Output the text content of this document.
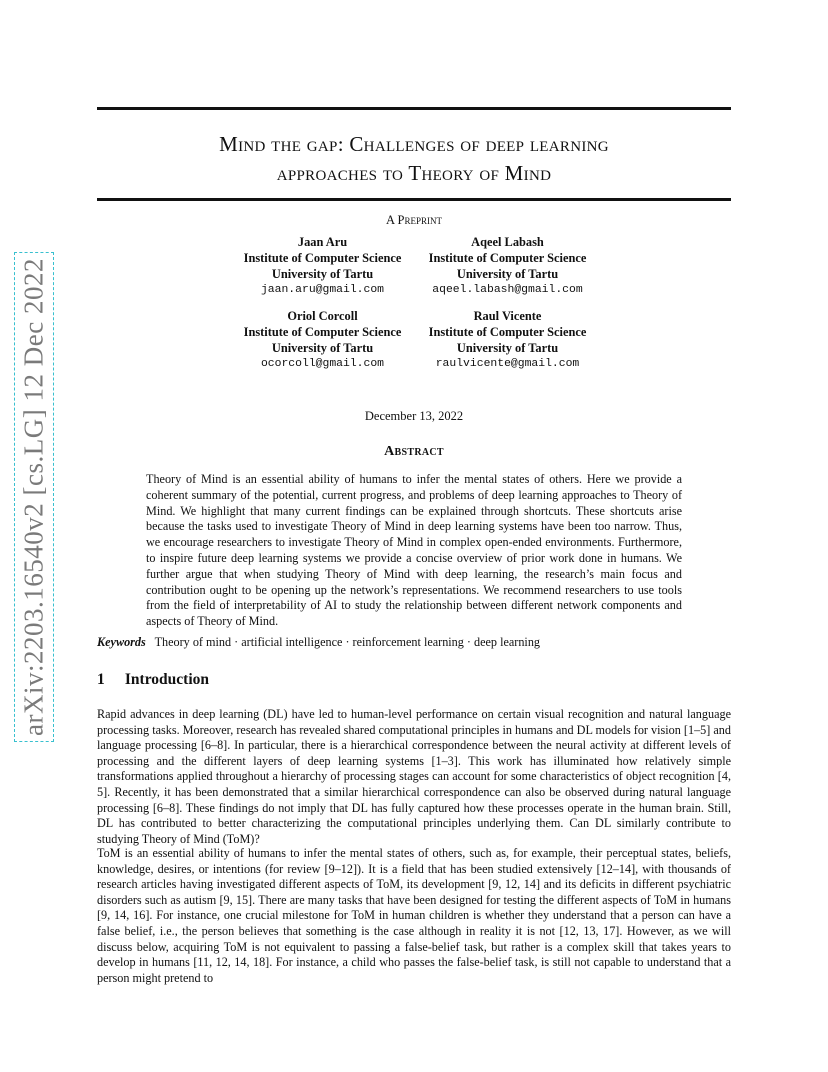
arXiv:2203.16540v2 [cs.LG] 12 Dec 2022
Mind the gap: Challenges of deep learning
approaches to Theory of Mind
A Preprint
Jaan Aru
Institute of Computer Science
University of Tartu
jaan.aru@gmail.com
Aqeel Labash
Institute of Computer Science
University of Tartu
aqeel.labash@gmail.com
Oriol Corcoll
Institute of Computer Science
University of Tartu
ocorcoll@gmail.com
Raul Vicente
Institute of Computer Science
University of Tartu
raulvicente@gmail.com
December 13, 2022
Abstract
Theory of Mind is an essential ability of humans to infer the mental states of others. Here we provide a coherent summary of the potential, current progress, and problems of deep learning approaches to Theory of Mind. We highlight that many current findings can be explained through shortcuts. These shortcuts arise because the tasks used to investigate Theory of Mind in deep learning systems have been too narrow. Thus, we encourage researchers to investigate Theory of Mind in complex open-ended environments. Furthermore, to inspire future deep learning systems we provide a concise overview of prior work done in humans. We further argue that when studying Theory of Mind with deep learning, the research’s main focus and contribution ought to be opening up the network’s representations. We recommend researchers to use tools from the field of interpretability of AI to study the relationship between different network components and aspects of Theory of Mind.
Keywords Theory of mind · artificial intelligence · reinforcement learning · deep learning
1 Introduction
Rapid advances in deep learning (DL) have led to human-level performance on certain visual recognition and natural language processing tasks. Moreover, research has revealed shared computational principles in humans and DL models for vision [1–5] and language processing [6–8]. In particular, there is a hierarchical correspondence between the neural activity at different levels of processing and the different layers of deep learning systems [1–3]. This work has illuminated how relatively simple transformations applied throughout a hierarchy of processing stages can account for some characteristics of object recognition [4, 5]. Recently, it has been demonstrated that a similar hierarchical correspondence can also be observed during natural language processing [6–8]. These findings do not imply that DL has fully captured how these processes operate in the human brain. Still, DL has contributed to better characterizing the computational principles underlying them. Can DL similarly contribute to studying Theory of Mind (ToM)?
ToM is an essential ability of humans to infer the mental states of others, such as, for example, their perceptual states, beliefs, knowledge, desires, or intentions (for review [9–12]). It is a field that has been studied extensively [12–14], with thousands of research articles having investigated different aspects of ToM, its development [9, 12, 14] and its deficits in different psychiatric disorders such as autism [9, 15]. There are many tasks that have been designed for testing the different aspects of ToM in humans [9, 14, 16]. For instance, one crucial milestone for ToM in human children is whether they understand that a person can have a false belief, i.e., the person believes that something is the case although in reality it is not [12, 13, 17]. However, as we will discuss below, acquiring ToM is not equivalent to passing a false-belief task, but rather is a complex skill that takes years to develop in humans [11, 12, 14, 18]. For instance, a child who passes the false-belief task, is still not capable to understand that a person might pretend to
